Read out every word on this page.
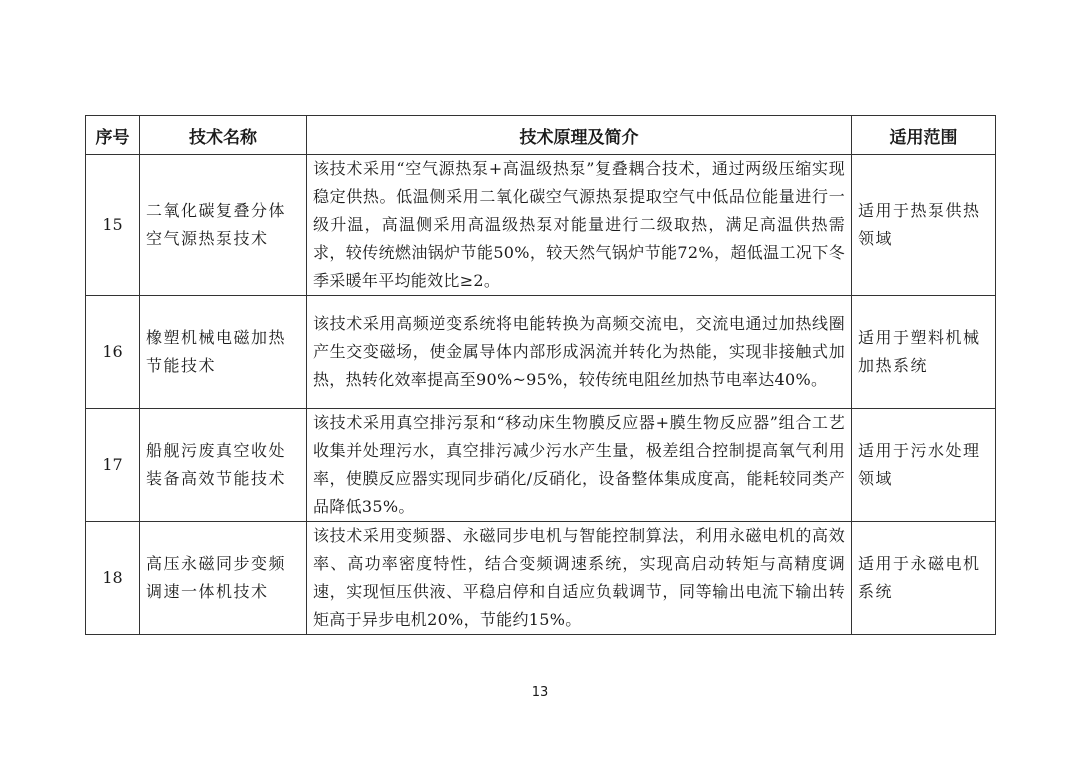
序号	技术名称	技术原理及简介	适用范围
15	二氧化碳复叠分体空气源热泵技术	该技术采用“空气源热泵+高温级热泵”复叠耦合技术，通过两级压缩实现稳定供热。低温侧采用二氧化碳空气源热泵提取空气中低品位能量进行一级升温，高温侧采用高温级热泵对能量进行二级取热，满足高温供热需求，较传统燃油锅炉节能50%，较天然气锅炉节能72%，超低温工况下冬季采暖年平均能效比≥2。	适用于热泵供热领域
16	橡塑机械电磁加热节能技术	该技术采用高频逆变系统将电能转换为高频交流电，交流电通过加热线圈产生交变磁场，使金属导体内部形成涡流并转化为热能，实现非接触式加热，热转化效率提高至90%~95%，较传统电阻丝加热节电率达40%。	适用于塑料机械加热系统
17	船舰污废真空收处装备高效节能技术	该技术采用真空排污泵和“移动床生物膜反应器+膜生物反应器”组合工艺收集并处理污水，真空排污减少污水产生量，极差组合控制提高氧气利用率，使膜反应器实现同步硝化/反硝化，设备整体集成度高，能耗较同类产品降低35%。	适用于污水处理领域
18	高压永磁同步变频调速一体机技术	该技术采用变频器、永磁同步电机与智能控制算法，利用永磁电机的高效率、高功率密度特性，结合变频调速系统，实现高启动转矩与高精度调速，实现恒压供液、平稳启停和自适应负载调节，同等输出电流下输出转矩高于异步电机20%，节能约15%。	适用于永磁电机系统
13
